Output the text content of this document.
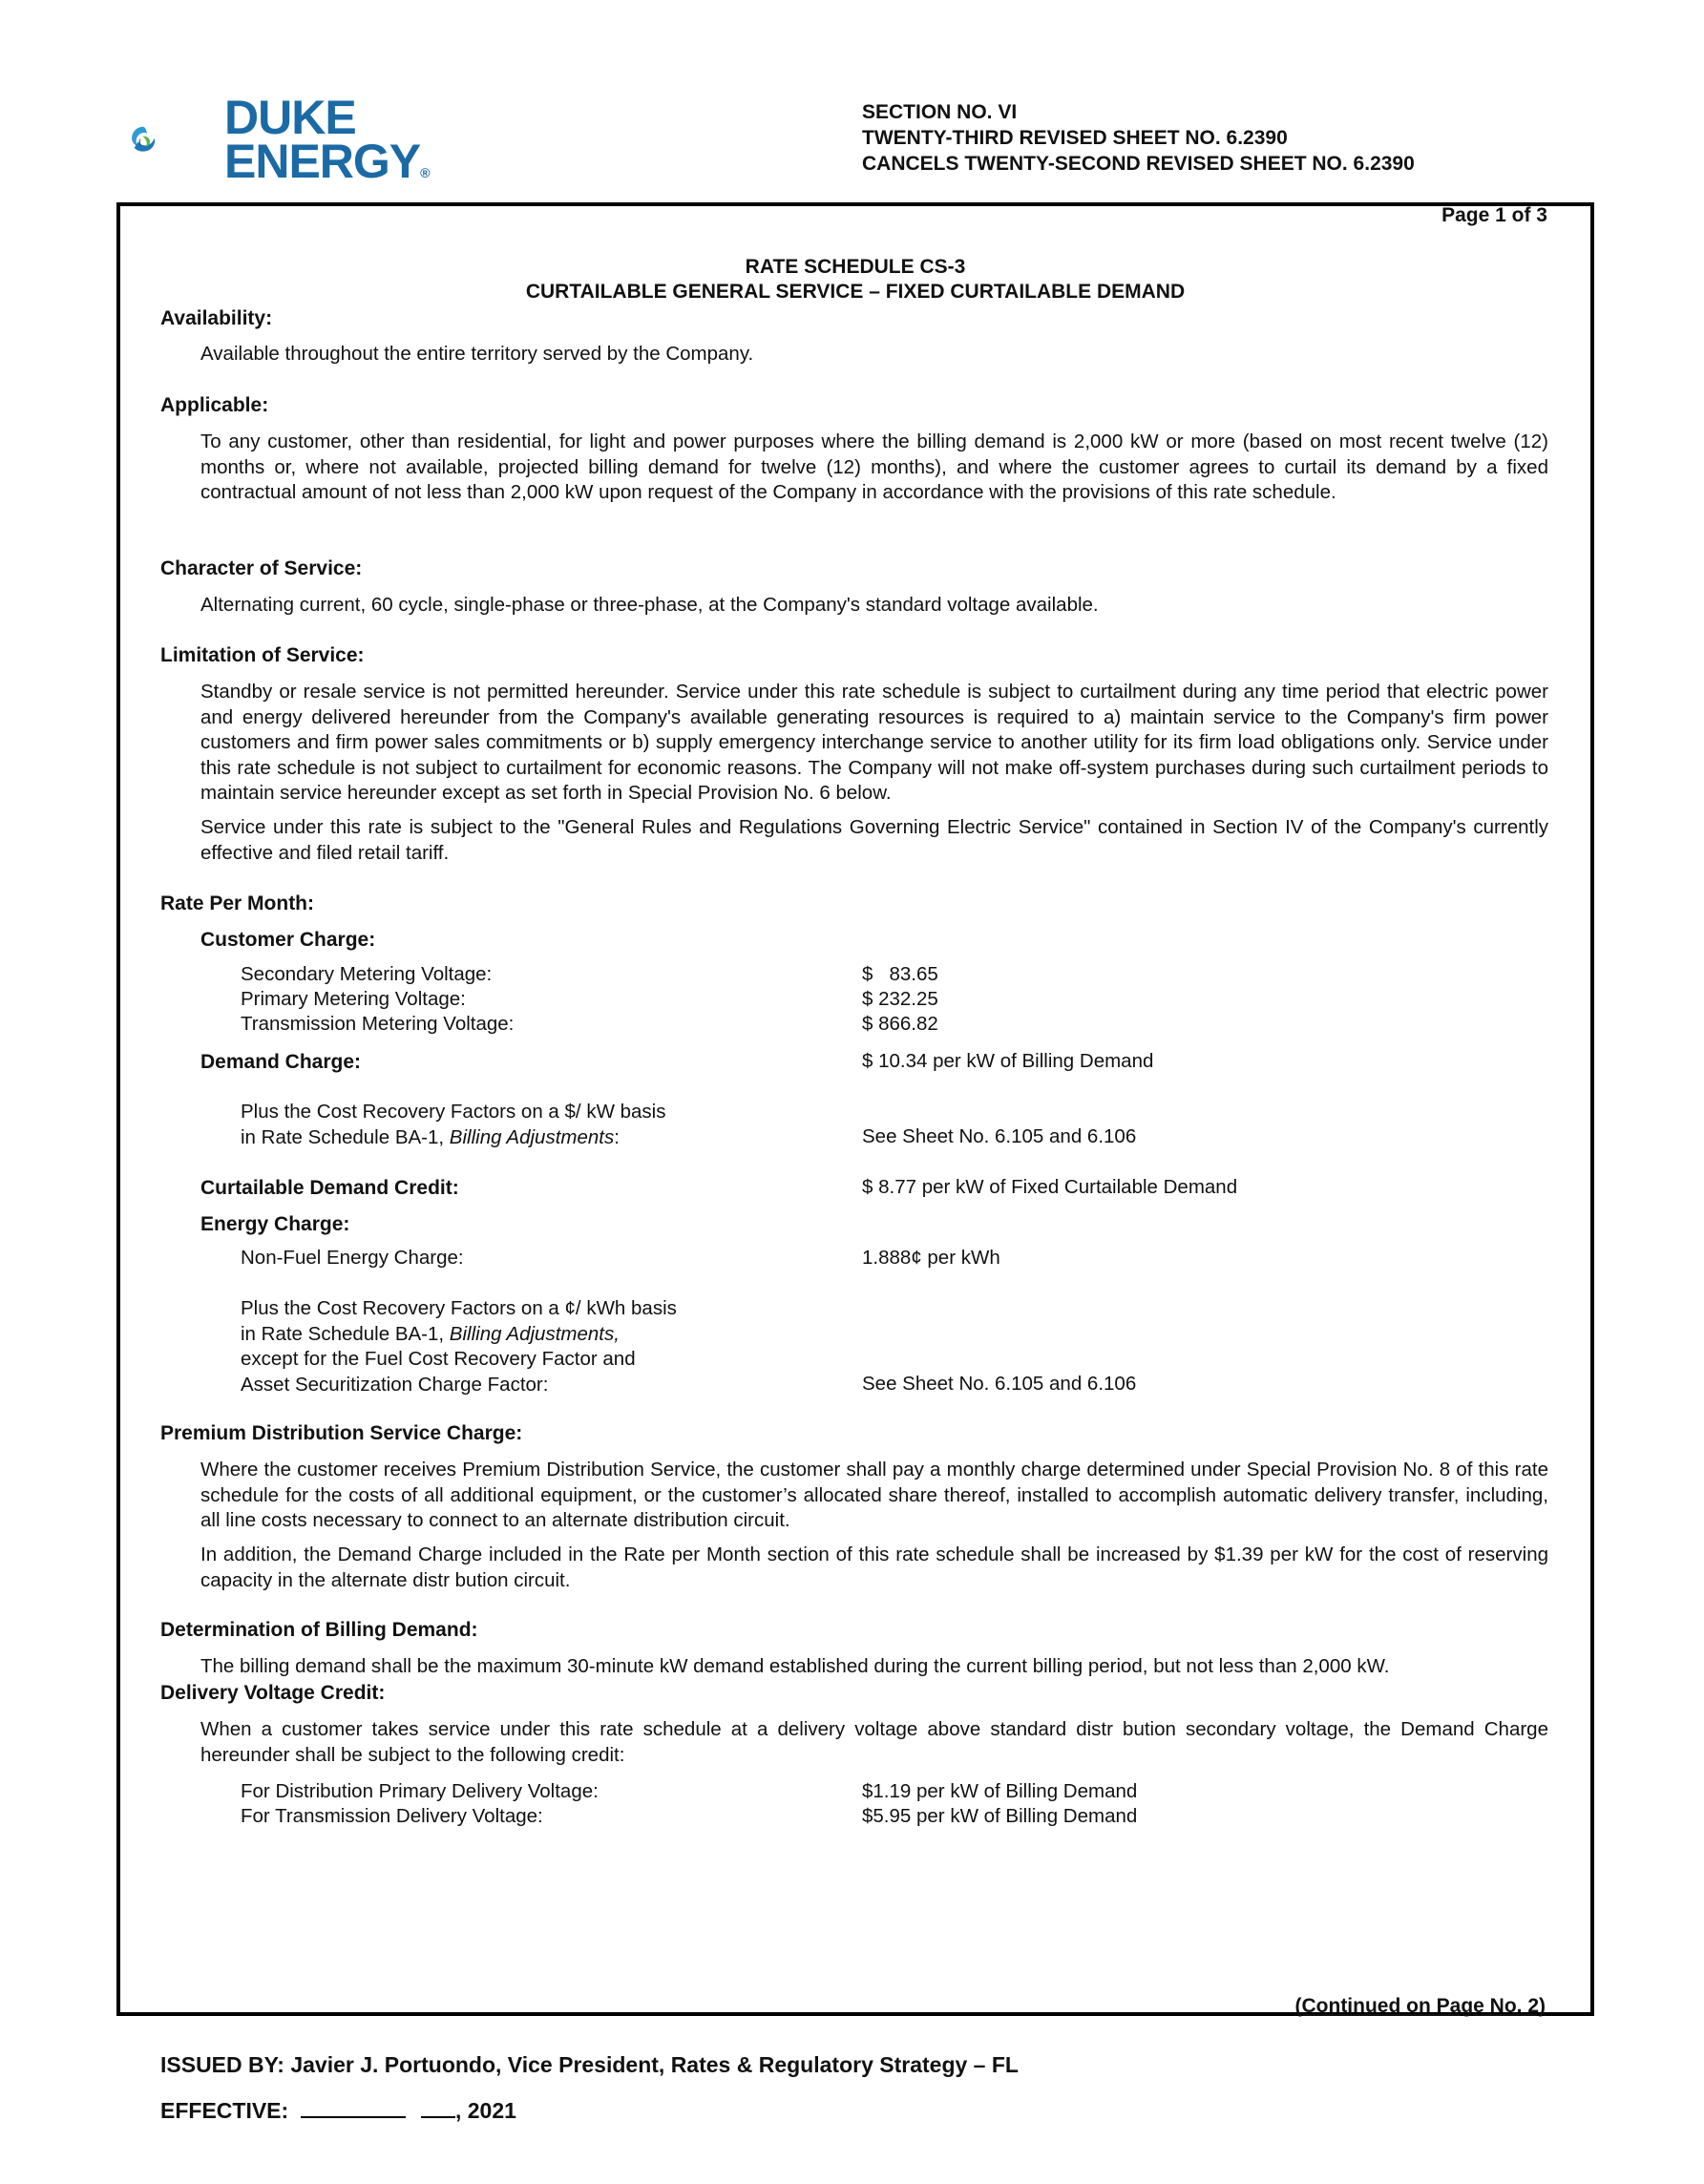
DUKE
ENERGY®
SECTION NO. VI
TWENTY-THIRD REVISED SHEET NO. 6.2390
CANCELS TWENTY-SECOND REVISED SHEET NO. 6.2390
Page 1 of 3
RATE SCHEDULE CS-3
CURTAILABLE GENERAL SERVICE – FIXED CURTAILABLE DEMAND
Availability:
Available throughout the entire territory served by the Company.
Applicable:
To any customer, other than residential, for light and power purposes where the billing demand is 2,000 kW or more (based on most recent twelve (12) months or, where not available, projected billing demand for twelve (12) months), and where the customer agrees to curtail its demand by a fixed contractual amount of not less than 2,000 kW upon request of the Company in accordance with the provisions of this rate schedule.
Character of Service:
Alternating current, 60 cycle, single-phase or three-phase, at the Company's standard voltage available.
Limitation of Service:
Standby or resale service is not permitted hereunder. Service under this rate schedule is subject to curtailment during any time period that electric power and energy delivered hereunder from the Company's available generating resources is required to a) maintain service to the Company's firm power customers and firm power sales commitments or b) supply emergency interchange service to another utility for its firm load obligations only. Service under this rate schedule is not subject to curtailment for economic reasons. The Company will not make off-system purchases during such curtailment periods to maintain service hereunder except as set forth in Special Provision No. 6 below.
Service under this rate is subject to the "General Rules and Regulations Governing Electric Service" contained in Section IV of the Company's currently effective and filed retail tariff.
Rate Per Month:
Customer Charge:
Secondary Metering Voltage:	$   83.65
Primary Metering Voltage:	$ 232.25
Transmission Metering Voltage:	$ 866.82
Demand Charge:	$ 10.34 per kW of Billing Demand
Plus the Cost Recovery Factors on a $/ kW basis
in Rate Schedule BA-1, Billing Adjustments:	See Sheet No. 6.105 and 6.106
Curtailable Demand Credit:	$ 8.77 per kW of Fixed Curtailable Demand
Energy Charge:
Non-Fuel Energy Charge:	1.888¢ per kWh
Plus the Cost Recovery Factors on a ¢/ kWh basis
in Rate Schedule BA-1, Billing Adjustments,
except for the Fuel Cost Recovery Factor and
Asset Securitization Charge Factor:	See Sheet No. 6.105 and 6.106
Premium Distribution Service Charge:
Where the customer receives Premium Distribution Service, the customer shall pay a monthly charge determined under Special Provision No. 8 of this rate schedule for the costs of all additional equipment, or the customer’s allocated share thereof, installed to accomplish automatic delivery transfer, including, all line costs necessary to connect to an alternate distribution circuit.
In addition, the Demand Charge included in the Rate per Month section of this rate schedule shall be increased by $1.39 per kW for the cost of reserving capacity in the alternate distr bution circuit.
Determination of Billing Demand:
The billing demand shall be the maximum 30-minute kW demand established during the current billing period, but not less than 2,000 kW.
Delivery Voltage Credit:
When a customer takes service under this rate schedule at a delivery voltage above standard distr bution secondary voltage, the Demand Charge hereunder shall be subject to the following credit:
For Distribution Primary Delivery Voltage:	$1.19 per kW of Billing Demand
For Transmission Delivery Voltage:	$5.95 per kW of Billing Demand
(Continued on Page No. 2)
ISSUED BY: Javier J. Portuondo, Vice President, Rates & Regulatory Strategy – FL
EFFECTIVE:	, 2021
